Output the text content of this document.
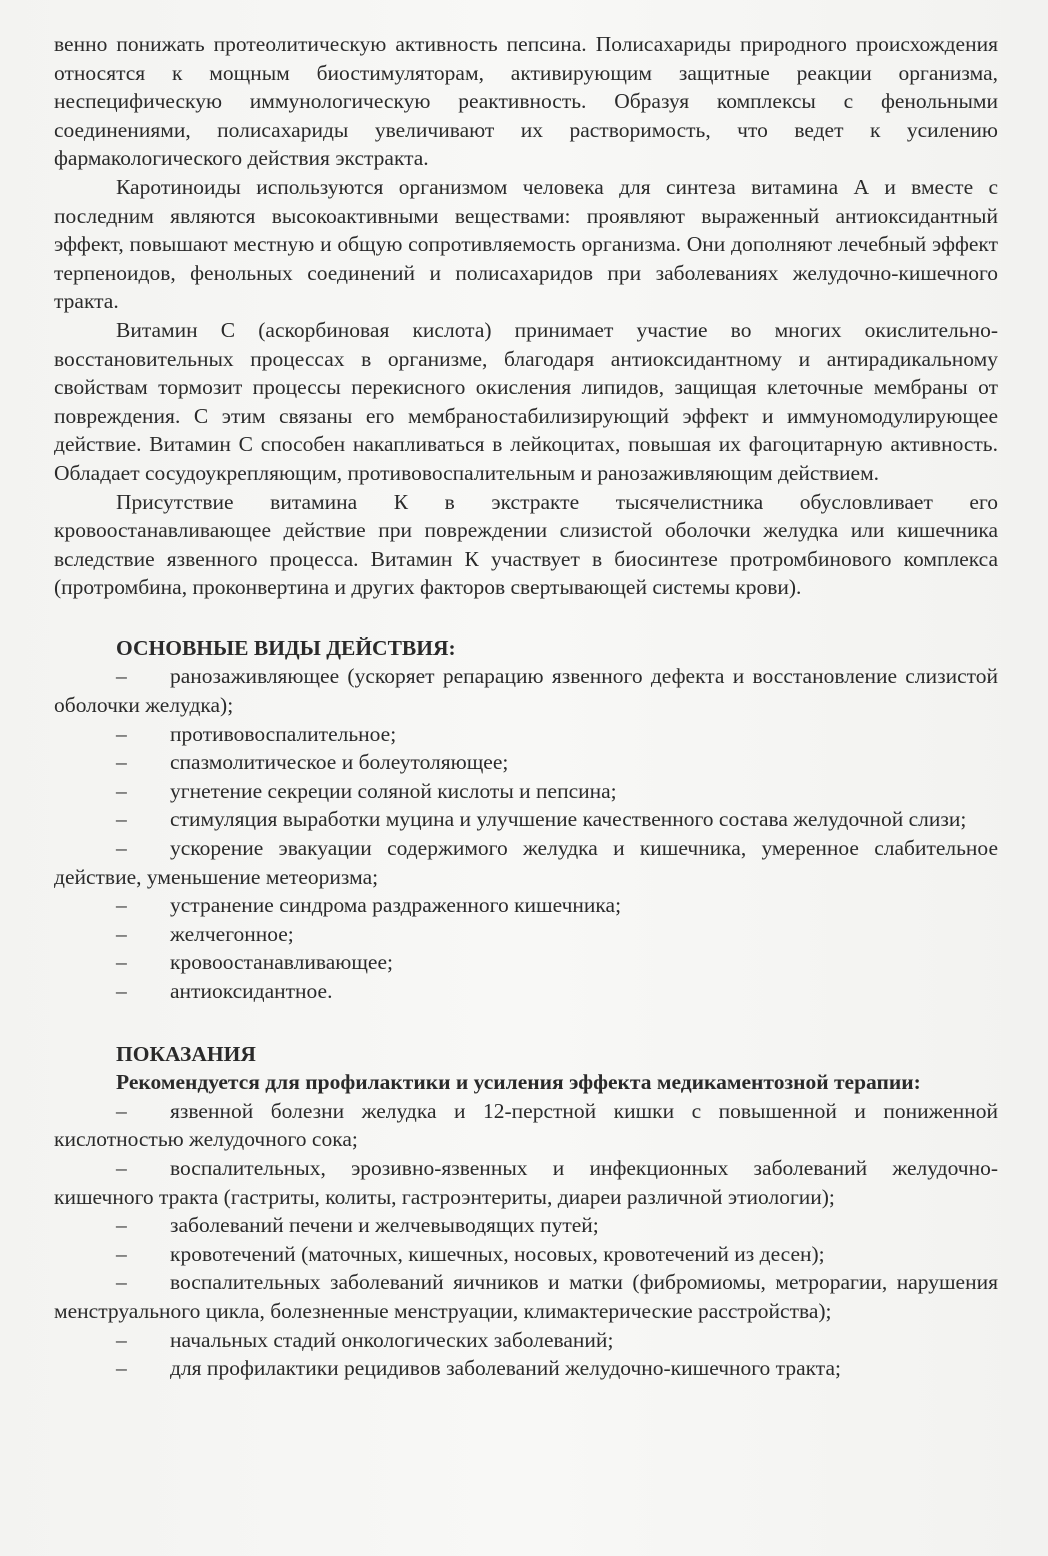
венно понижать протеолитическую активность пепсина. Полисахариды природного происхождения относятся к мощным биостимуляторам, активирующим защитные реакции организма, неспецифическую иммунологическую реактивность. Образуя комплексы с фенольными соединениями, полисахариды увеличивают их растворимость, что ведет к усилению фармакологического действия экстракта.

Каротиноиды используются организмом человека для синтеза витамина А и вместе с последним являются высокоактивными веществами: проявляют выраженный антиоксидантный эффект, повышают местную и общую сопротивляемость организма. Они дополняют лечебный эффект терпеноидов, фенольных соединений и полисахаридов при заболеваниях желудочно-кишечного тракта.

Витамин С (аскорбиновая кислота) принимает участие во многих окислительно-восстановительных процессах в организме, благодаря антиоксидантному и антирадикальному свойствам тормозит процессы перекисного окисления липидов, защищая клеточные мембраны от повреждения. С этим связаны его мембраностабилизирующий эффект и иммуномодулирующее действие. Витамин С способен накапливаться в лейкоцитах, повышая их фагоцитарную активность. Обладает сосудоукрепляющим, противовоспалительным и ранозаживляющим действием.

Присутствие витамина К в экстракте тысячелистника обусловливает его кровоостанавливающее действие при повреждении слизистой оболочки желудка или кишечника вследствие язвенного процесса. Витамин К участвует в биосинтезе протромбинового комплекса (протромбина, проконвертина и других факторов свертывающей системы крови).

ОСНОВНЫЕ ВИДЫ ДЕЙСТВИЯ:

– ранозаживляющее (ускоряет репарацию язвенного дефекта и восстановление слизистой оболочки желудка);
– противовоспалительное;
– спазмолитическое и болеутоляющее;
– угнетение секреции соляной кислоты и пепсина;
– стимуляция выработки муцина и улучшение качественного состава желудочной слизи;
– ускорение эвакуации содержимого желудка и кишечника, умеренное слабительное действие, уменьшение метеоризма;
– устранение синдрома раздраженного кишечника;
– желчегонное;
– кровоостанавливающее;
– антиоксидантное.

ПОКАЗАНИЯ

Рекомендуется для профилактики и усиления эффекта медикаментозной терапии:

– язвенной болезни желудка и 12-перстной кишки с повышенной и пониженной кислотностью желудочного сока;
– воспалительных, эрозивно-язвенных и инфекционных заболеваний желудочно-кишечного тракта (гастриты, колиты, гастроэнтериты, диареи различной этиологии);
– заболеваний печени и желчевыводящих путей;
– кровотечений (маточных, кишечных, носовых, кровотечений из десен);
– воспалительных заболеваний яичников и матки (фибромиомы, метрорагии, нарушения менструального цикла, болезненные менструации, климактерические расстройства);
– начальных стадий онкологических заболеваний;
– для профилактики рецидивов заболеваний желудочно-кишечного тракта;
